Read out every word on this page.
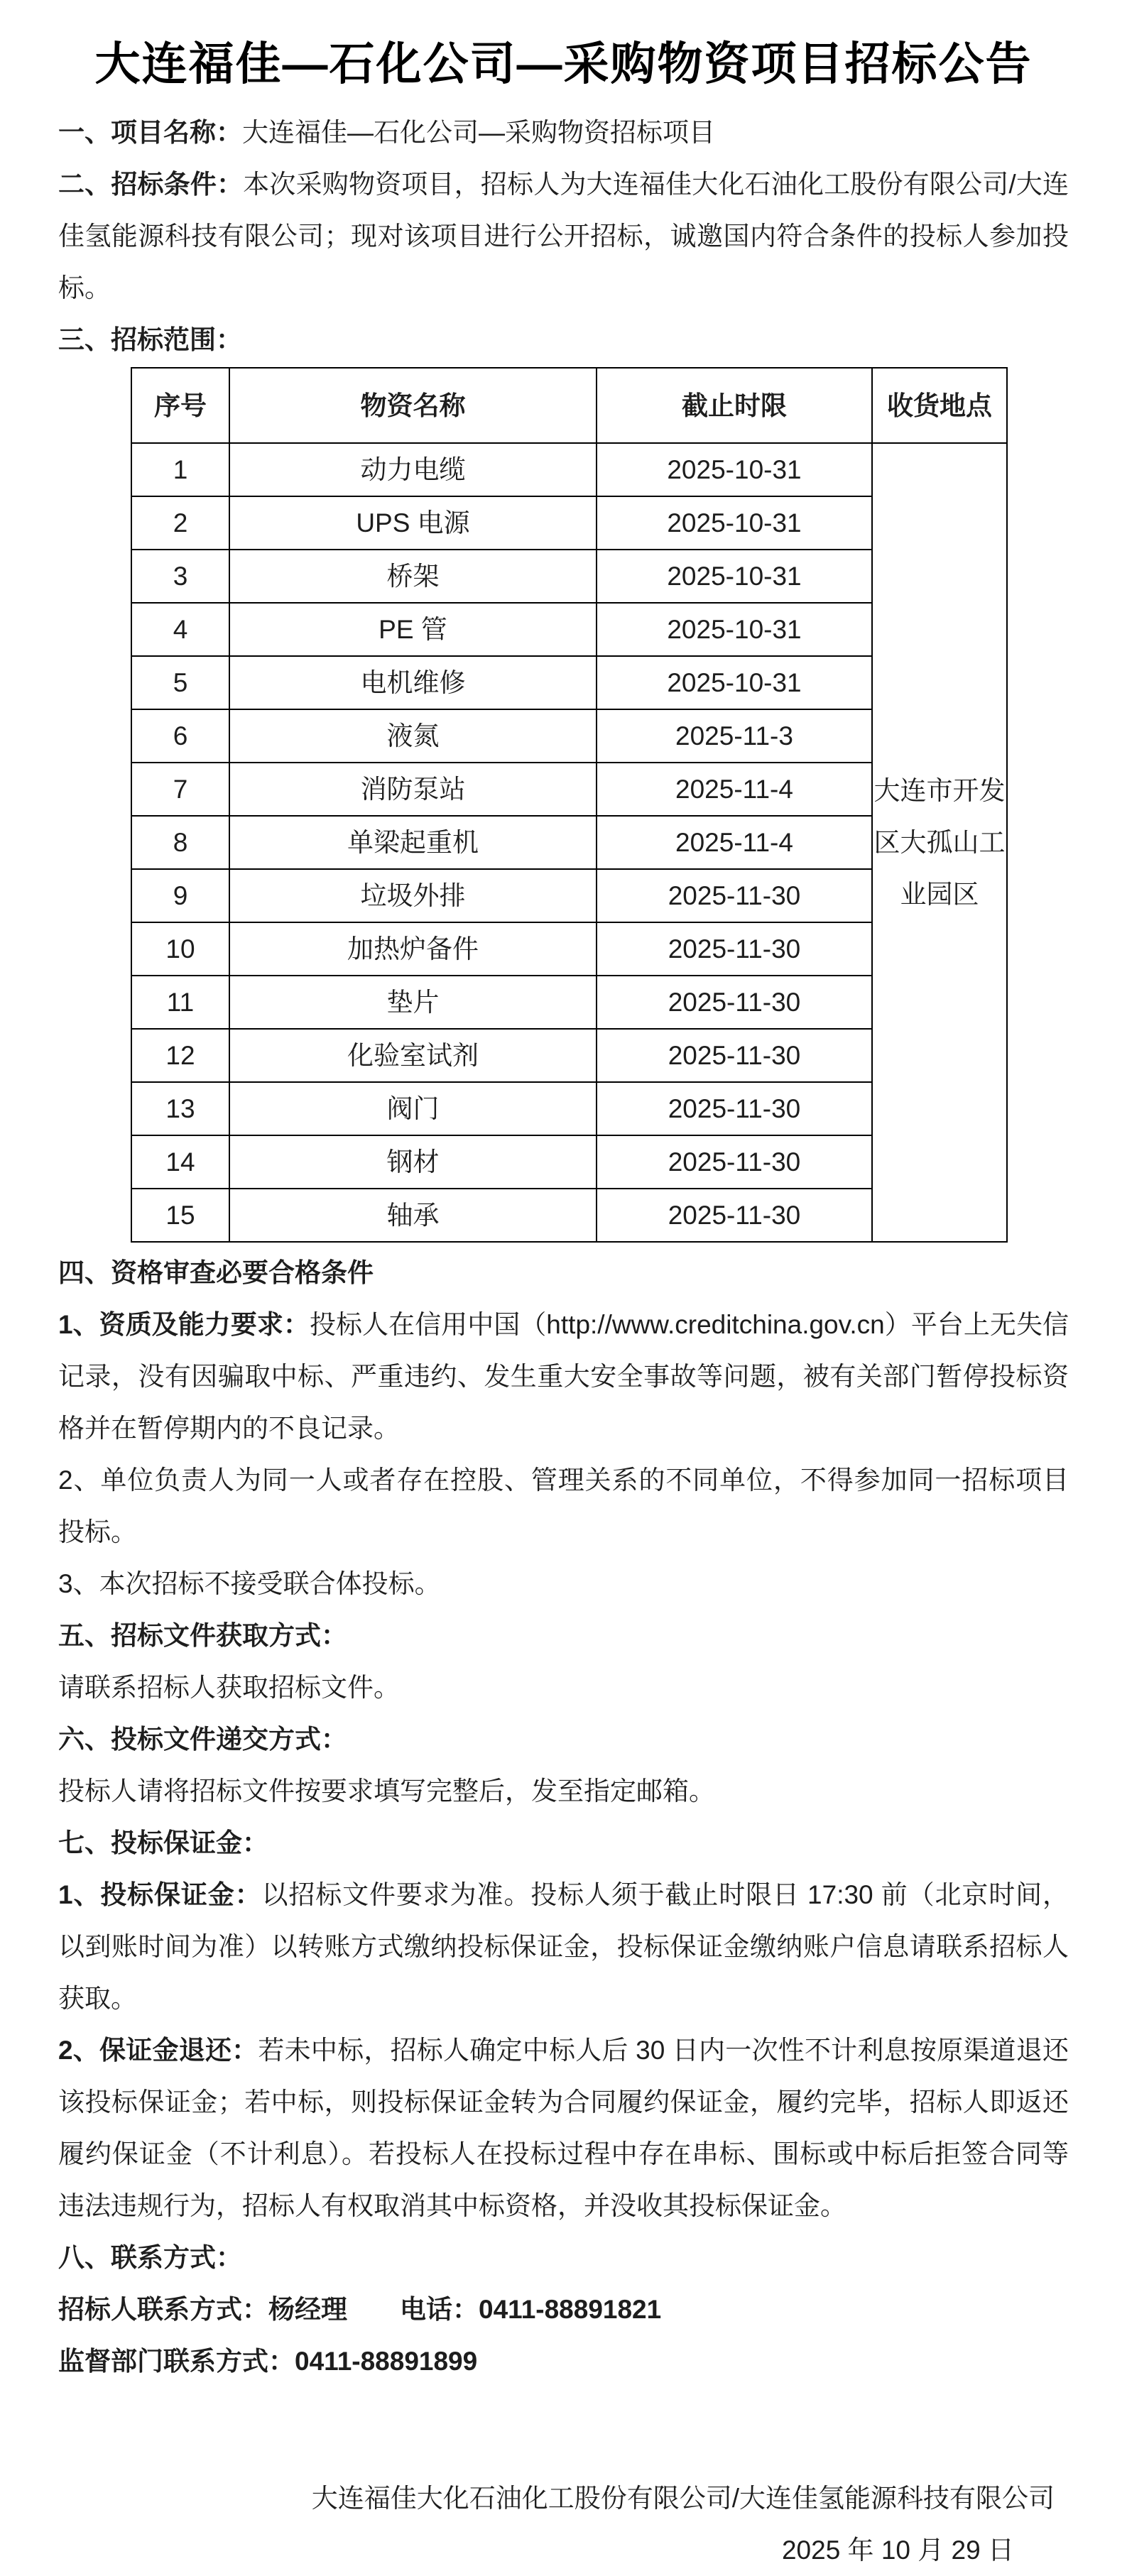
大连福佳—石化公司—采购物资项目招标公告

一、项目名称：大连福佳—石化公司—采购物资招标项目

二、招标条件：本次采购物资项目，招标人为大连福佳大化石油化工股份有限公司/大连佳氢能源科技有限公司；现对该项目进行公开招标，诚邀国内符合条件的投标人参加投标。

三、招标范围：

序号	物资名称	截止时限	收货地点
1	动力电缆	2025-10-31	大连市开发区大孤山工业园区
2	UPS 电源	2025-10-31	
3	桥架	2025-10-31	
4	PE 管	2025-10-31	
5	电机维修	2025-10-31	
6	液氮	2025-11-3	
7	消防泵站	2025-11-4	
8	单梁起重机	2025-11-4	
9	垃圾外排	2025-11-30	
10	加热炉备件	2025-11-30	
11	垫片	2025-11-30	
12	化验室试剂	2025-11-30	
13	阀门	2025-11-30	
14	钢材	2025-11-30	
15	轴承	2025-11-30	

四、资格审查必要合格条件

1、资质及能力要求：投标人在信用中国（http://www.creditchina.gov.cn）平台上无失信记录，没有因骗取中标、严重违约、发生重大安全事故等问题，被有关部门暂停投标资格并在暂停期内的不良记录。

2、单位负责人为同一人或者存在控股、管理关系的不同单位，不得参加同一招标项目投标。

3、本次招标不接受联合体投标。

五、招标文件获取方式：

请联系招标人获取招标文件。

六、投标文件递交方式：

投标人请将招标文件按要求填写完整后，发至指定邮箱。

七、投标保证金：

1、投标保证金：以招标文件要求为准。投标人须于截止时限日 17:30 前（北京时间，以到账时间为准）以转账方式缴纳投标保证金，投标保证金缴纳账户信息请联系招标人获取。

2、保证金退还：若未中标，招标人确定中标人后 30 日内一次性不计利息按原渠道退还该投标保证金；若中标，则投标保证金转为合同履约保证金，履约完毕，招标人即返还履约保证金（不计利息）。若投标人在投标过程中存在串标、围标或中标后拒签合同等违法违规行为，招标人有权取消其中标资格，并没收其投标保证金。

八、联系方式：

招标人联系方式：杨经理　　电话：0411-88891821

监督部门联系方式：0411-88891899

大连福佳大化石油化工股份有限公司/大连佳氢能源科技有限公司
2025 年 10 月 29 日
